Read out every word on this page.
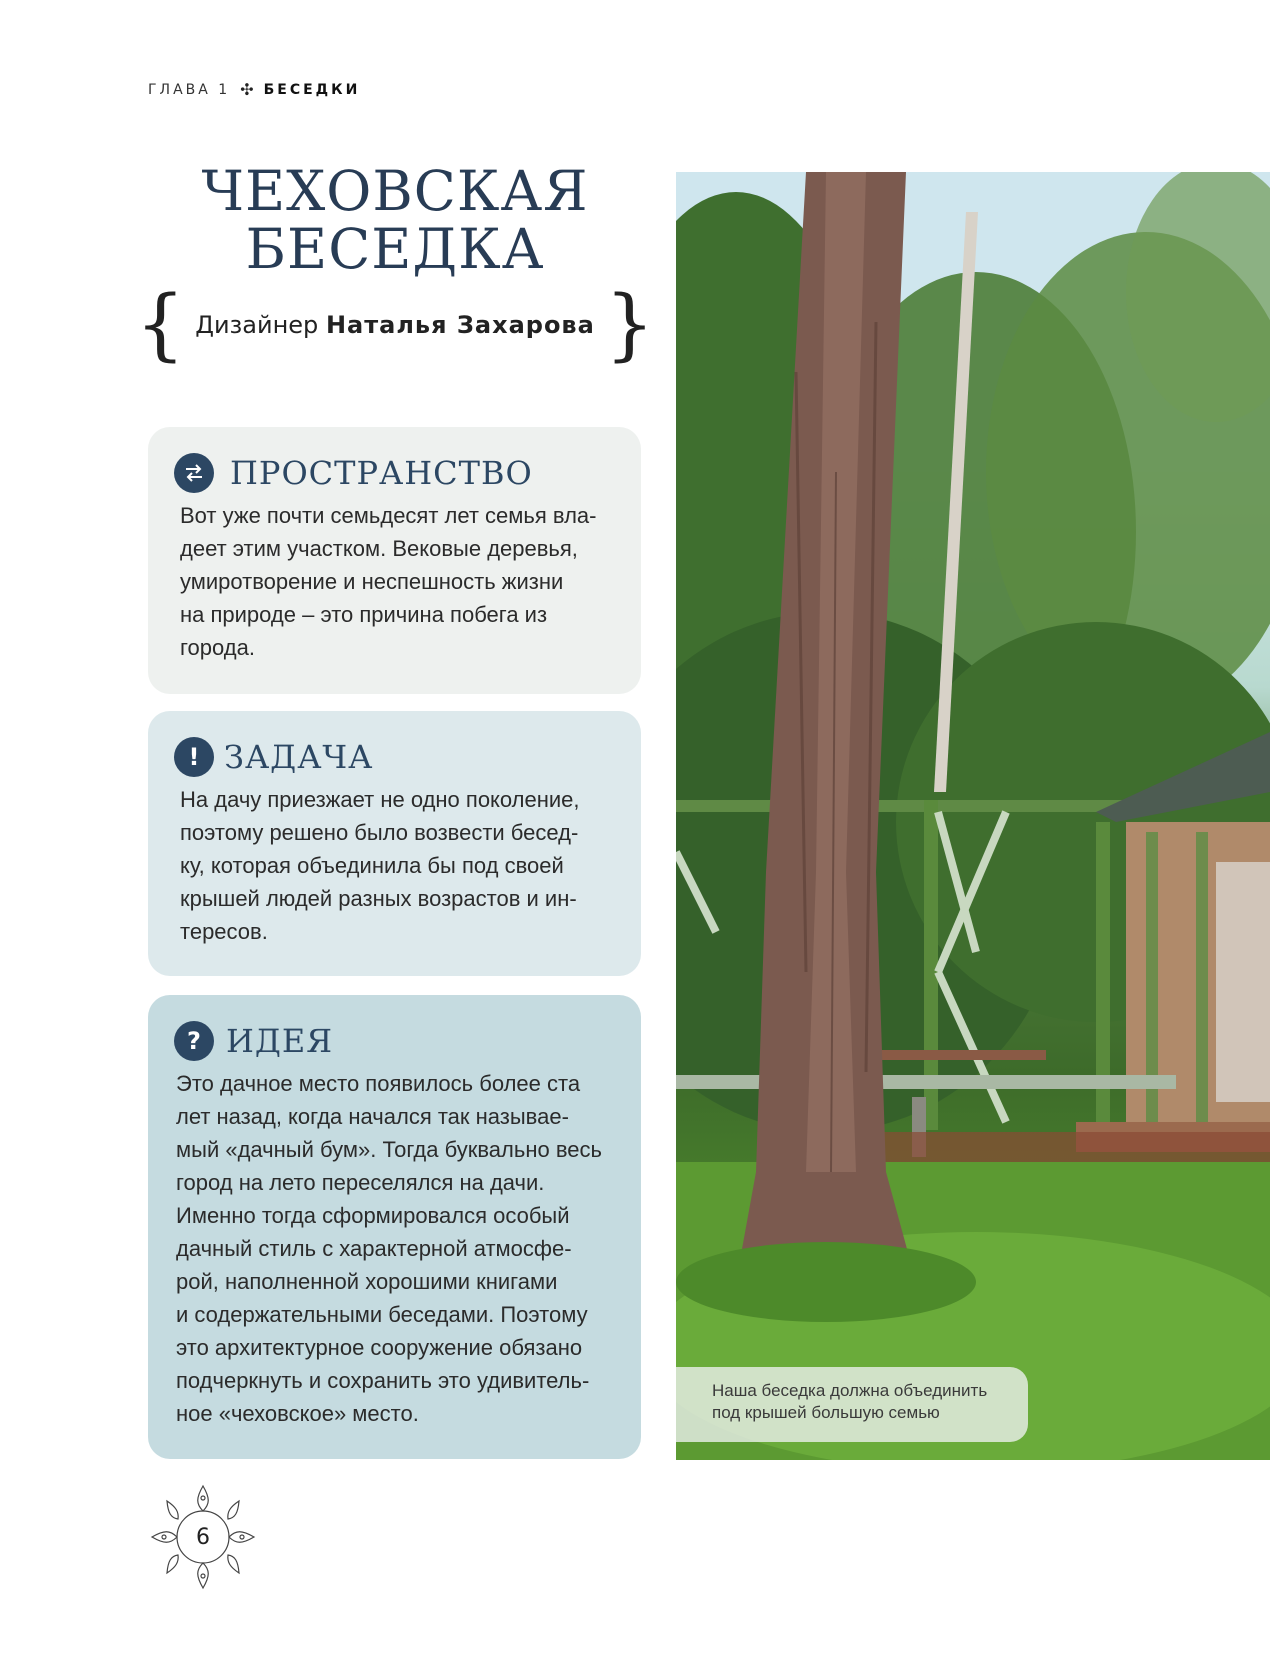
ГЛАВА 1 ✣ БЕСЕДКИ
ЧЕХОВСКАЯ
БЕСЕДКА
{ Дизайнер Наталья Захарова }
ПРОСТРАНСТВО
Вот уже почти семьдесят лет семья вла-
деет этим участком. Вековые деревья,
умиротворение и неспешность жизни
на природе – это причина побега из
города.
! ЗАДАЧА
На дачу приезжает не одно поколение,
поэтому решено было возвести бесед-
ку, которая объединила бы под своей
крышей людей разных возрастов и ин-
тересов.
? ИДЕЯ
Это дачное место появилось более ста
лет назад, когда начался так называе-
мый «дачный бум». Тогда буквально весь
город на лето переселялся на дачи.
Именно тогда сформировался особый
дачный стиль с характерной атмосфе-
рой, наполненной хорошими книгами
и содержательными беседами. Поэтому
это архитектурное сооружение обязано
подчеркнуть и сохранить это удивитель-
ное «чеховское» место.
Наша беседка должна объединить
под крышей большую семью
6
